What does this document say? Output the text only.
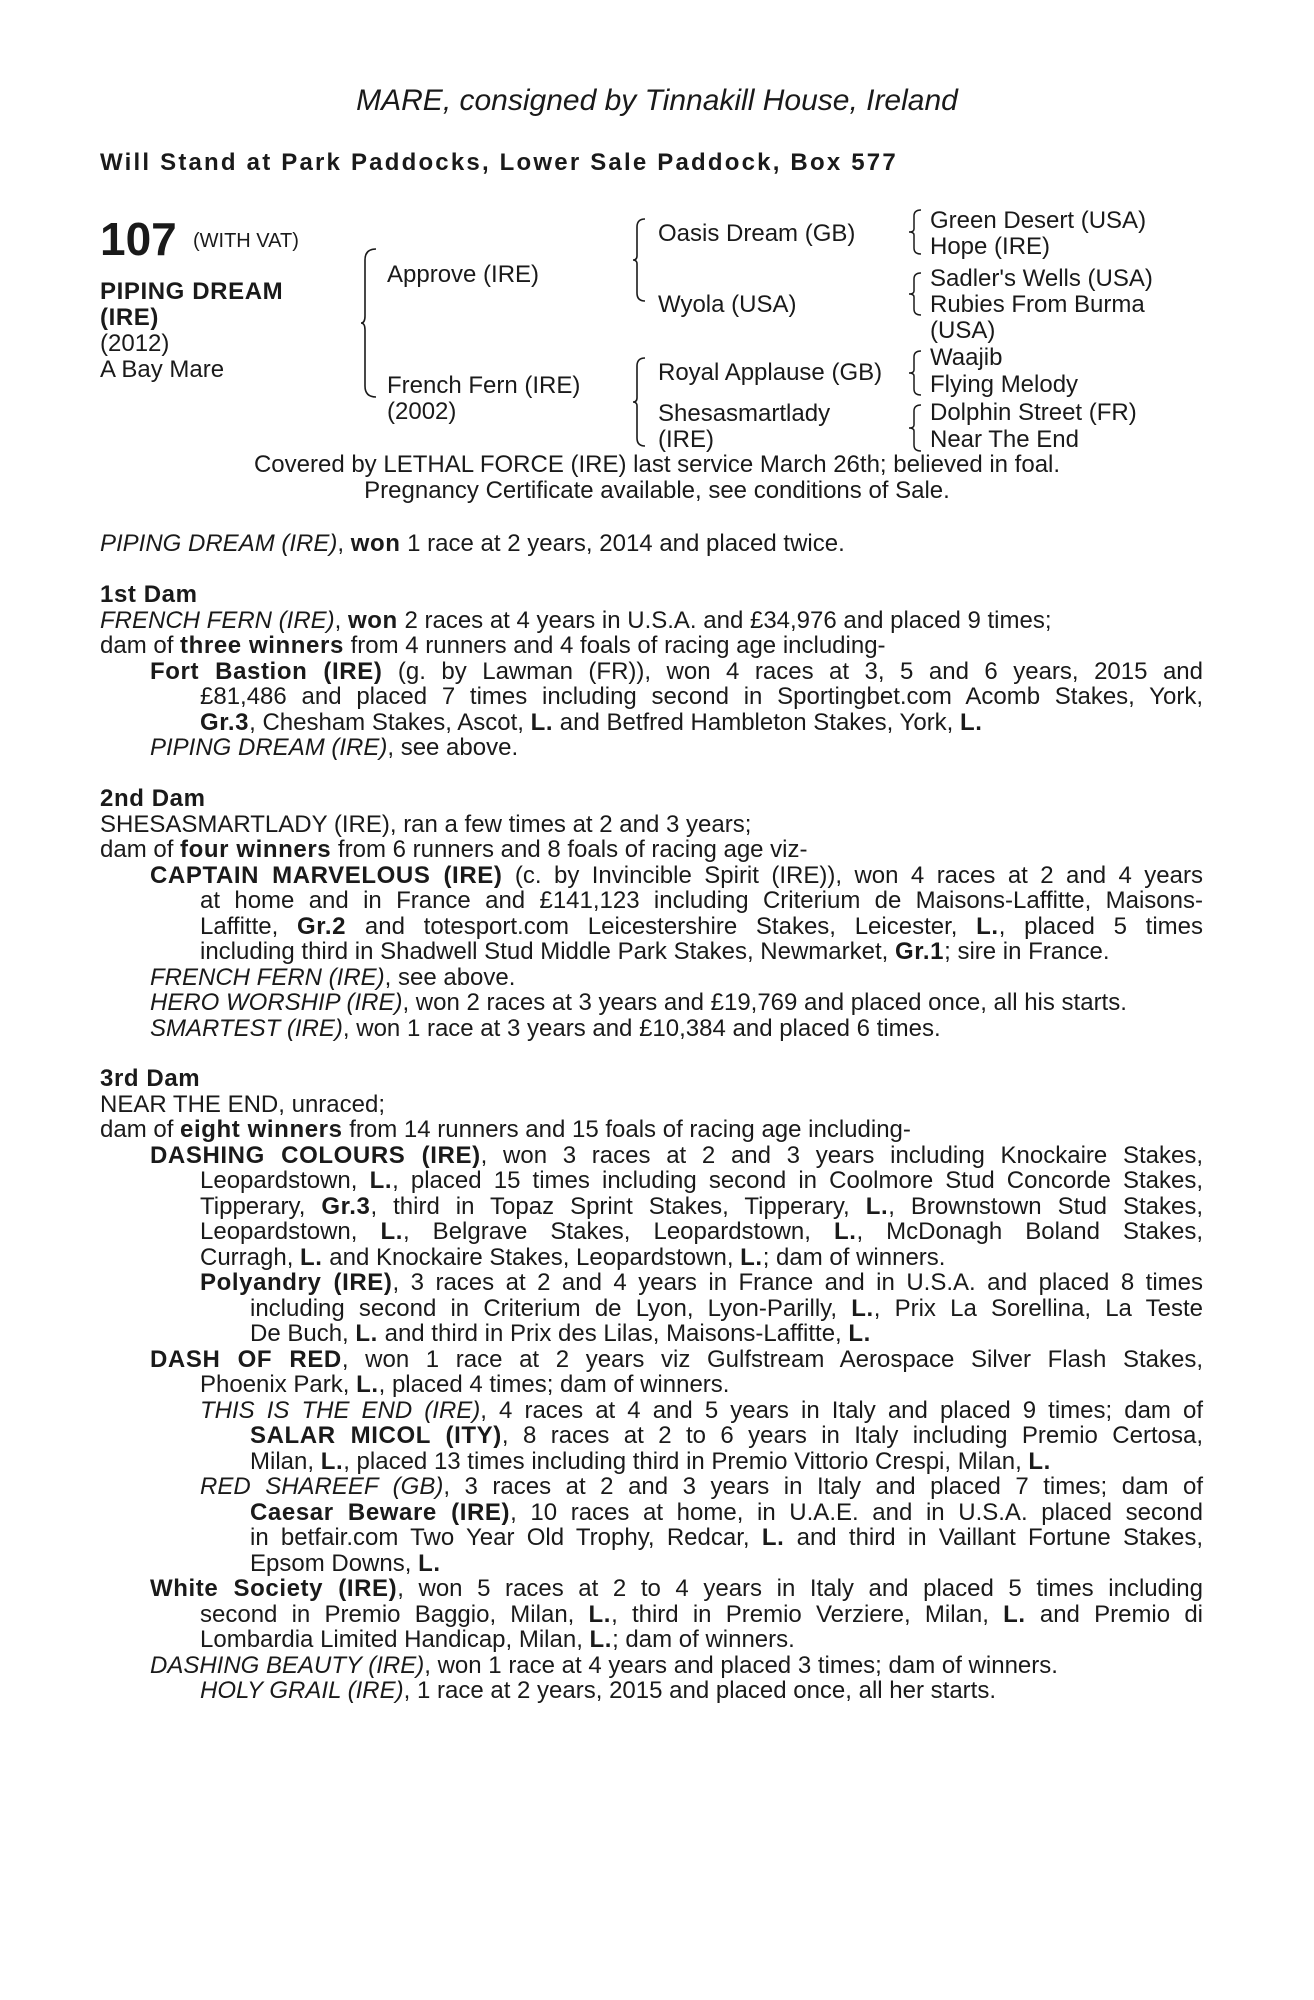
MARE, consigned by Tinnakill House, Ireland
Will Stand at Park Paddocks, Lower Sale Paddock, Box 577
107 (WITH VAT)
PIPING DREAM
(IRE)
(2012)
A Bay Mare
Approve (IRE)
French Fern (IRE)
(2002)
Oasis Dream (GB)
Wyola (USA)
Royal Applause (GB)
Shesasmartlady
(IRE)
Green Desert (USA)
Hope (IRE)
Sadler's Wells (USA)
Rubies From Burma
(USA)
Waajib
Flying Melody
Dolphin Street (FR)
Near The End
Covered by LETHAL FORCE (IRE) last service March 26th; believed in foal.
Pregnancy Certificate available, see conditions of Sale.
PIPING DREAM (IRE), won 1 race at 2 years, 2014 and placed twice.
1st Dam
FRENCH FERN (IRE), won 2 races at 4 years in U.S.A. and £34,976 and placed 9 times;
dam of three winners from 4 runners and 4 foals of racing age including-
Fort Bastion (IRE) (g. by Lawman (FR)), won 4 races at 3, 5 and 6 years, 2015 and
£81,486 and placed 7 times including second in Sportingbet.com Acomb Stakes, York,
Gr.3, Chesham Stakes, Ascot, L. and Betfred Hambleton Stakes, York, L.
PIPING DREAM (IRE), see above.
2nd Dam
SHESASMARTLADY (IRE), ran a few times at 2 and 3 years;
dam of four winners from 6 runners and 8 foals of racing age viz-
CAPTAIN MARVELOUS (IRE) (c. by Invincible Spirit (IRE)), won 4 races at 2 and 4 years
at home and in France and £141,123 including Criterium de Maisons-Laffitte, Maisons-
Laffitte, Gr.2 and totesport.com Leicestershire Stakes, Leicester, L., placed 5 times
including third in Shadwell Stud Middle Park Stakes, Newmarket, Gr.1; sire in France.
FRENCH FERN (IRE), see above.
HERO WORSHIP (IRE), won 2 races at 3 years and £19,769 and placed once, all his starts.
SMARTEST (IRE), won 1 race at 3 years and £10,384 and placed 6 times.
3rd Dam
NEAR THE END, unraced;
dam of eight winners from 14 runners and 15 foals of racing age including-
DASHING COLOURS (IRE), won 3 races at 2 and 3 years including Knockaire Stakes,
Leopardstown, L., placed 15 times including second in Coolmore Stud Concorde Stakes,
Tipperary, Gr.3, third in Topaz Sprint Stakes, Tipperary, L., Brownstown Stud Stakes,
Leopardstown, L., Belgrave Stakes, Leopardstown, L., McDonagh Boland Stakes,
Curragh, L. and Knockaire Stakes, Leopardstown, L.; dam of winners.
Polyandry (IRE), 3 races at 2 and 4 years in France and in U.S.A. and placed 8 times
including second in Criterium de Lyon, Lyon-Parilly, L., Prix La Sorellina, La Teste
De Buch, L. and third in Prix des Lilas, Maisons-Laffitte, L.
DASH OF RED, won 1 race at 2 years viz Gulfstream Aerospace Silver Flash Stakes,
Phoenix Park, L., placed 4 times; dam of winners.
THIS IS THE END (IRE), 4 races at 4 and 5 years in Italy and placed 9 times; dam of
SALAR MICOL (ITY), 8 races at 2 to 6 years in Italy including Premio Certosa,
Milan, L., placed 13 times including third in Premio Vittorio Crespi, Milan, L.
RED SHAREEF (GB), 3 races at 2 and 3 years in Italy and placed 7 times; dam of
Caesar Beware (IRE), 10 races at home, in U.A.E. and in U.S.A. placed second
in betfair.com Two Year Old Trophy, Redcar, L. and third in Vaillant Fortune Stakes,
Epsom Downs, L.
White Society (IRE), won 5 races at 2 to 4 years in Italy and placed 5 times including
second in Premio Baggio, Milan, L., third in Premio Verziere, Milan, L. and Premio di
Lombardia Limited Handicap, Milan, L.; dam of winners.
DASHING BEAUTY (IRE), won 1 race at 4 years and placed 3 times; dam of winners.
HOLY GRAIL (IRE), 1 race at 2 years, 2015 and placed once, all her starts.
